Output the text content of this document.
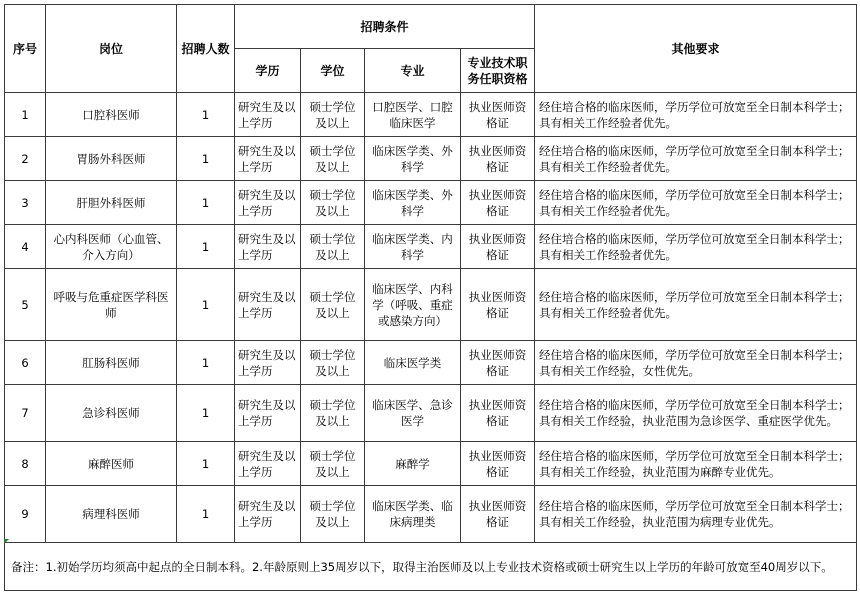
序号	岗位	招聘人数	招聘条件				其他要求
			学历	学位	专业	专业技术职务任职资格	
1	口腔科医师	1	研究生及以上学历	硕士学位及以上	口腔医学、口腔临床医学	执业医师资格证	经住培合格的临床医师，学历学位可放宽至全日制本科学士；具有相关工作经验者优先。
2	胃肠外科医师	1	研究生及以上学历	硕士学位及以上	临床医学类、外科学	执业医师资格证	经住培合格的临床医师，学历学位可放宽至全日制本科学士；具有相关工作经验者优先。
3	肝胆外科医师	1	研究生及以上学历	硕士学位及以上	临床医学类、外科学	执业医师资格证	经住培合格的临床医师，学历学位可放宽至全日制本科学士；具有相关工作经验者优先。
4	心内科医师（心血管、介入方向）	1	研究生及以上学历	硕士学位及以上	临床医学类、内科学	执业医师资格证	经住培合格的临床医师，学历学位可放宽至全日制本科学士；具有相关工作经验者优先。
5	呼吸与危重症医学科医师	1	研究生及以上学历	硕士学位及以上	临床医学、内科学（呼吸、重症或感染方向）	执业医师资格证	经住培合格的临床医师，学历学位可放宽至全日制本科学士；具有相关工作经验者优先。
6	肛肠科医师	1	研究生及以上学历	硕士学位及以上	临床医学类	执业医师资格证	经住培合格的临床医师，学历学位可放宽至全日制本科学士；具有相关工作经验，女性优先。
7	急诊科医师	1	研究生及以上学历	硕士学位及以上	临床医学、急诊医学	执业医师资格证	经住培合格的临床医师，学历学位可放宽至全日制本科学士；具有相关工作经验，执业范围为急诊医学、重症医学优先。
8	麻醉医师	1	研究生及以上学历	硕士学位及以上	麻醉学	执业医师资格证	经住培合格的临床医师，学历学位可放宽至全日制本科学士；具有相关工作经验，执业范围为麻醉专业优先。
9	病理科医师	1	研究生及以上学历	硕士学位及以上	临床医学类、临床病理类	执业医师资格证	经住培合格的临床医师，学历学位可放宽至全日制本科学士；具有相关工作经验，执业范围为病理专业优先。
备注：1.初始学历均须高中起点的全日制本科。2.年龄原则上35周岁以下，取得主治医师及以上专业技术资格或硕士研究生以上学历的年龄可放宽至40周岁以下。							
